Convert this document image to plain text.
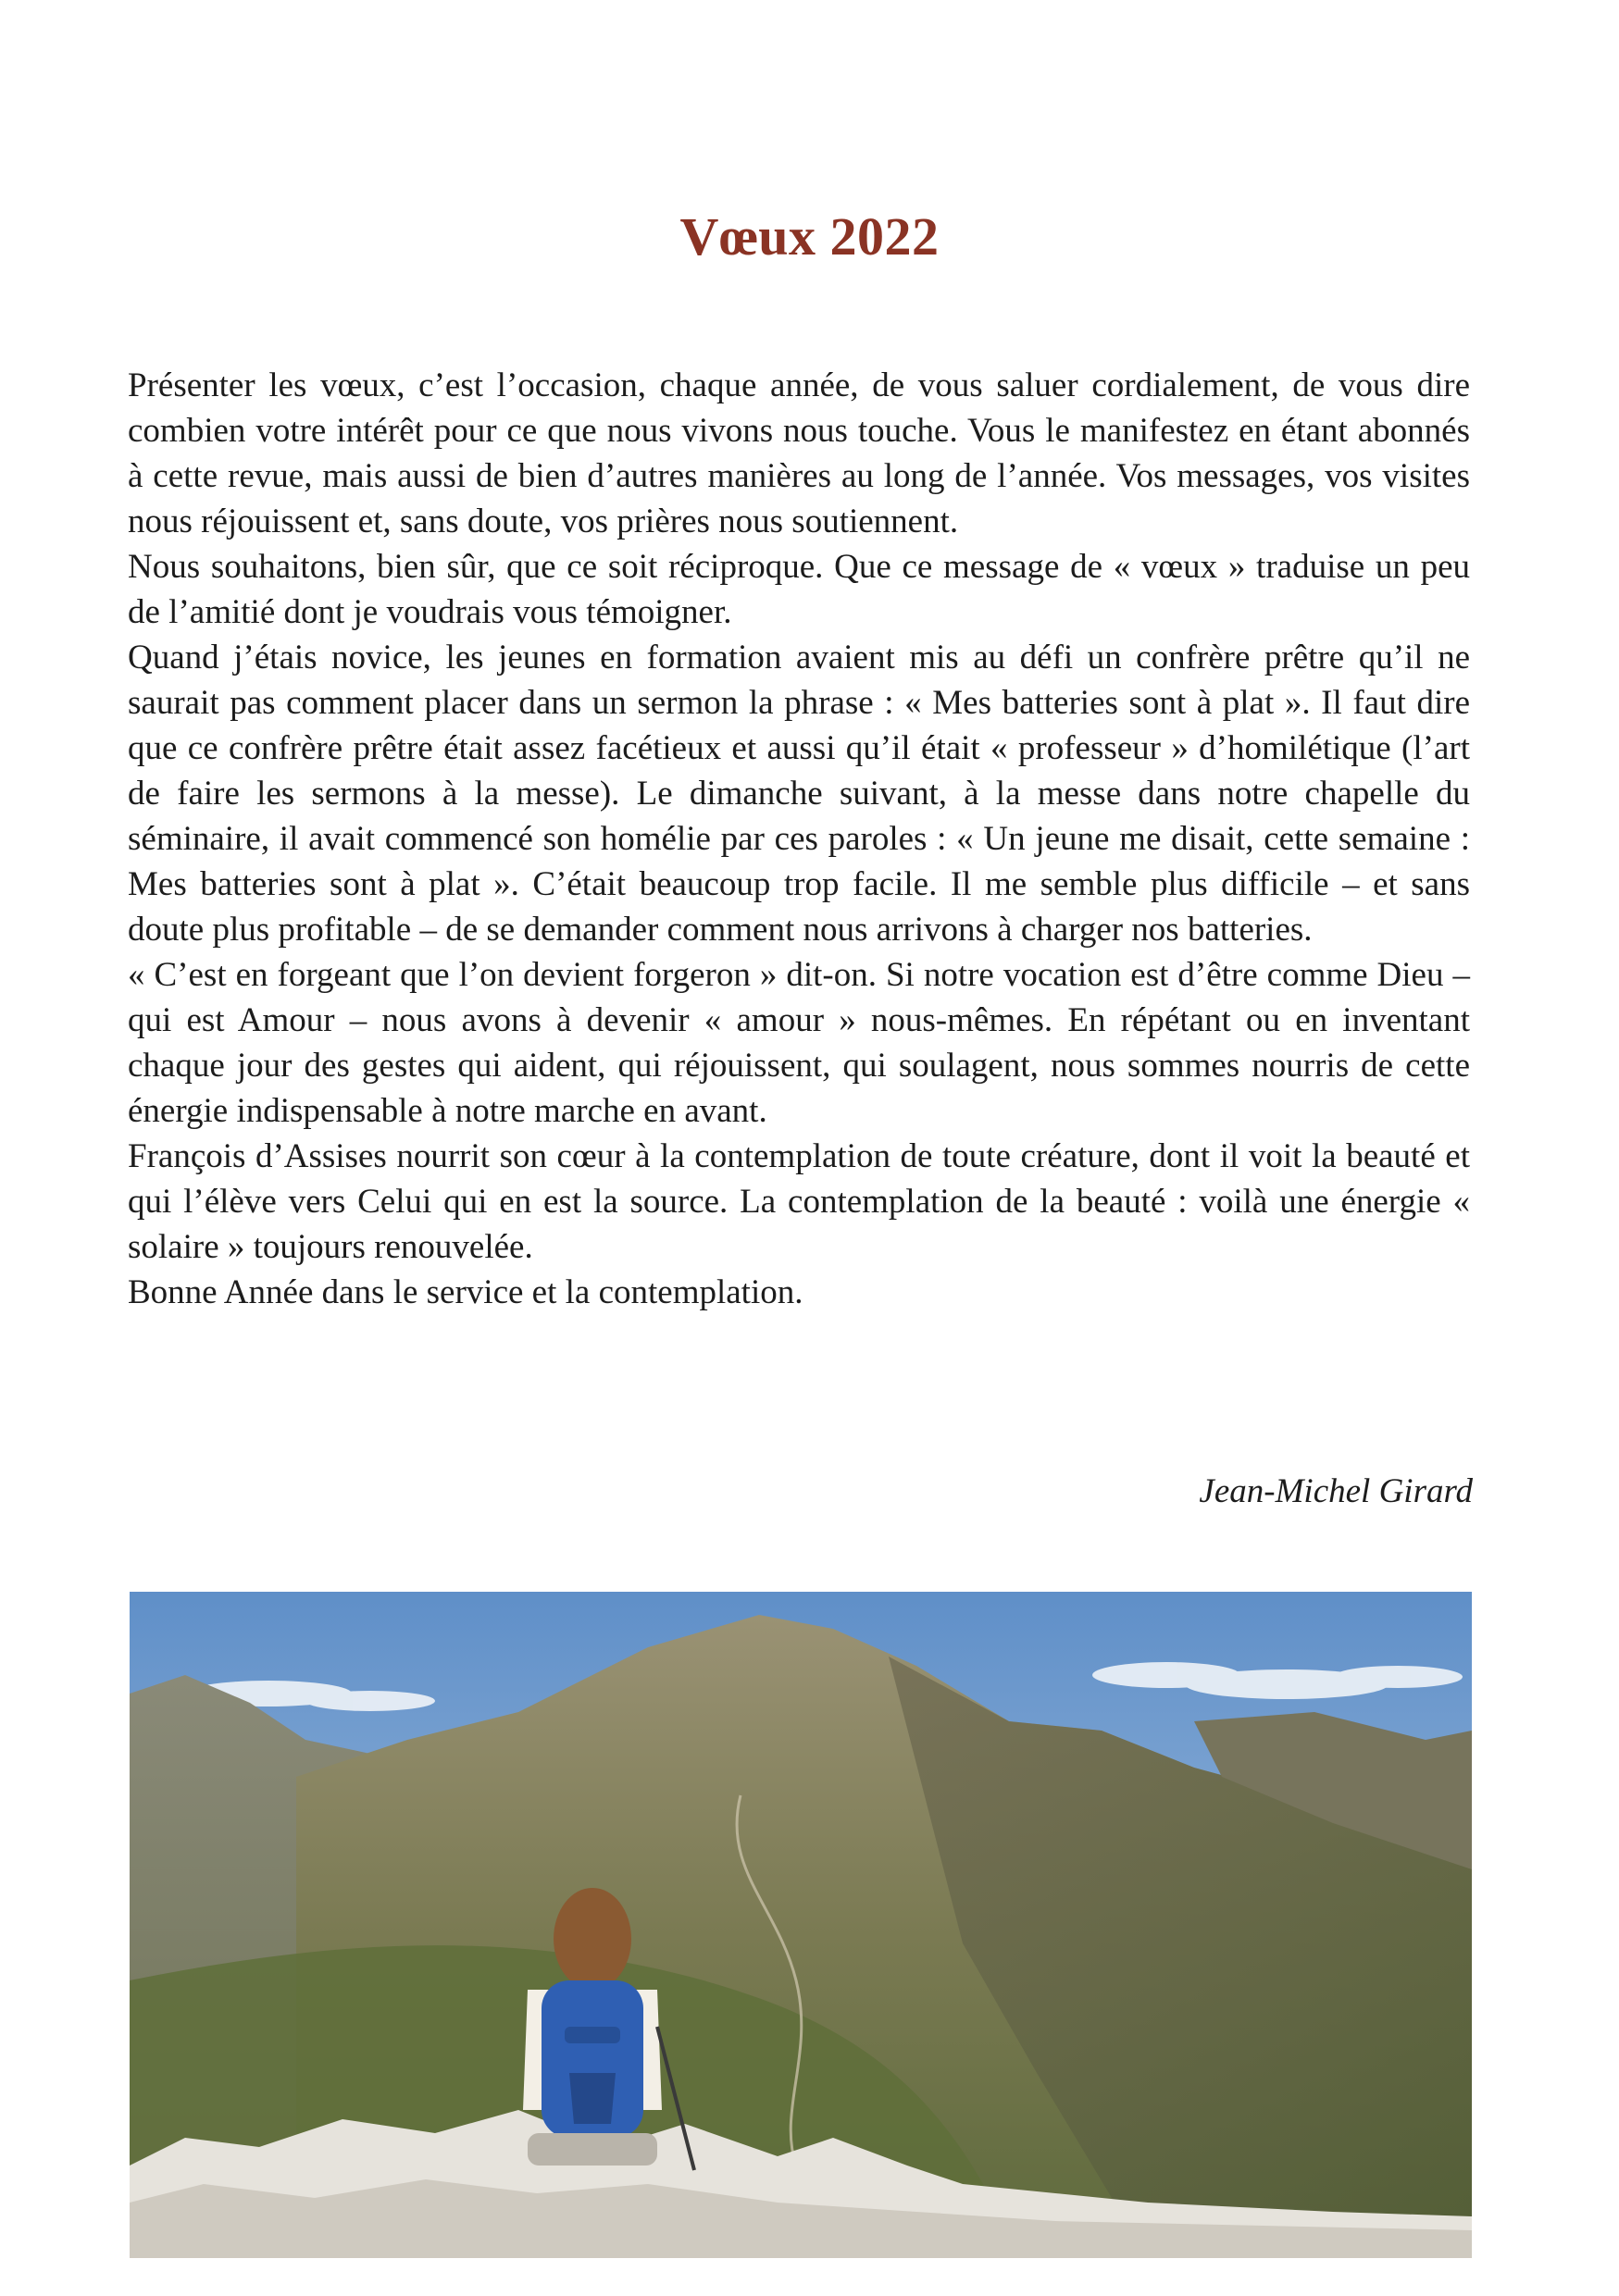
Vœux 2022

Présenter les vœux, c’est l’occasion, chaque année, de vous saluer cordialement, de vous dire combien votre intérêt pour ce que nous vivons nous touche. Vous le manifestez en étant abonnés à cette revue, mais aussi de bien d’autres manières au long de l’année. Vos messages, vos visites nous réjouissent et, sans doute, vos prières nous soutiennent.

Nous souhaitons, bien sûr, que ce soit réciproque. Que ce message de « vœux » traduise un peu de l’amitié dont je voudrais vous témoigner.

Quand j’étais novice, les jeunes en formation avaient mis au défi un confrère prêtre qu’il ne saurait pas comment placer dans un sermon la phrase : « Mes batteries sont à plat ». Il faut dire que ce confrère prêtre était assez facétieux et aussi qu’il était « professeur » d’homilétique (l’art de faire les sermons à la messe). Le dimanche suivant, à la messe dans notre chapelle du séminaire, il avait commencé son homélie par ces paroles : « Un jeune me disait, cette semaine : Mes batteries sont à plat ». C’était beaucoup trop facile. Il me semble plus difficile – et sans doute plus profitable – de se demander comment nous arrivons à charger nos batteries.

« C’est en forgeant que l’on devient forgeron » dit-on. Si notre vocation est d’être comme Dieu – qui est Amour – nous avons à devenir « amour » nous-mêmes. En répétant ou en inventant chaque jour des gestes qui aident, qui réjouissent, qui soulagent, nous sommes nourris de cette énergie indispensable à notre marche en avant.

François d’Assises nourrit son cœur à la contemplation de toute créature, dont il voit la beauté et qui l’élève vers Celui qui en est la source. La contemplation de la beauté : voilà une énergie « solaire » toujours renouvelée.

Bonne Année dans le service et la contemplation.

Jean-Michel Girard
